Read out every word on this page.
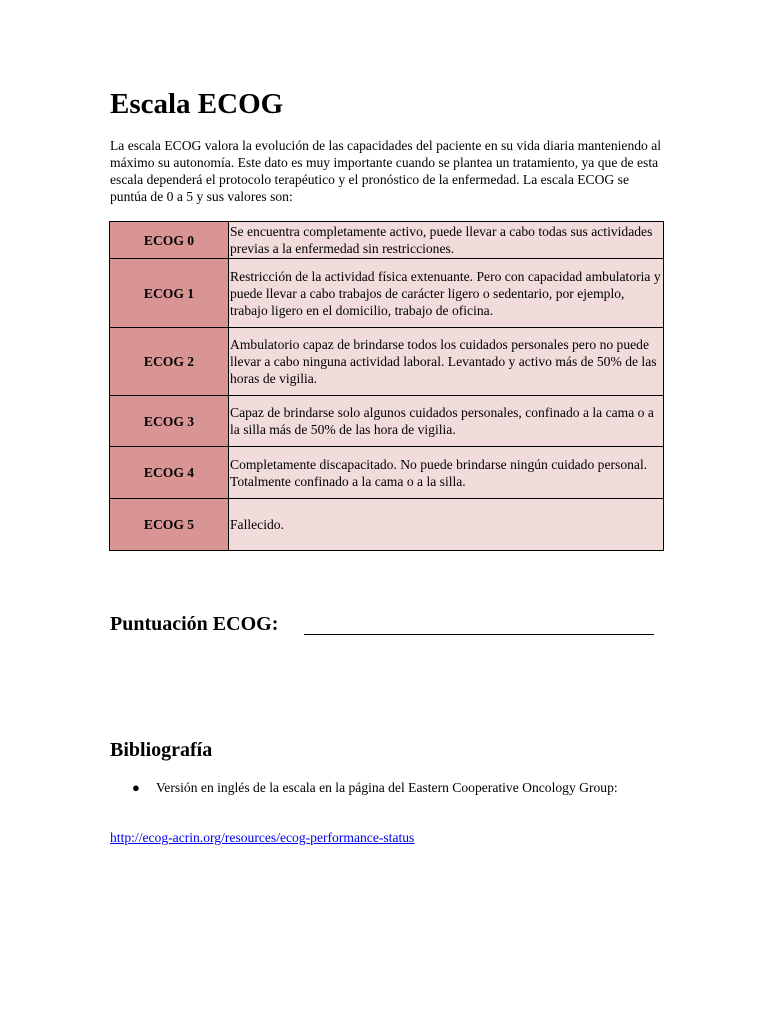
Escala ECOG

La escala ECOG valora la evolución de las capacidades del paciente en su vida diaria manteniendo al máximo su autonomía. Este dato es muy importante cuando se plantea un tratamiento, ya que de esta escala dependerá el protocolo terapéutico y el pronóstico de la enfermedad. La escala ECOG se puntúa de 0 a 5 y sus valores son:

ECOG 0	Se encuentra completamente activo, puede llevar a cabo todas sus actividades previas a la enfermedad sin restricciones.
ECOG 1	Restricción de la actividad física extenuante. Pero con capacidad ambulatoria y puede llevar a cabo trabajos de carácter ligero o sedentario, por ejemplo, trabajo ligero en el domicilio, trabajo de oficina.
ECOG 2	Ambulatorio capaz de brindarse todos los cuidados personales pero no puede llevar a cabo ninguna actividad laboral. Levantado y activo más de 50% de las horas de vigilia.
ECOG 3	Capaz de brindarse solo algunos cuidados personales, confinado a la cama o a la silla más de 50% de las hora de vigilia.
ECOG 4	Completamente discapacitado. No puede brindarse ningún cuidado personal. Totalmente confinado a la cama o a la silla.
ECOG 5	Fallecido.
Puntuación ECOG:
Bibliografía
● Versión en inglés de la escala en la página del Eastern Cooperative Oncology Group:
http://ecog-acrin.org/resources/ecog-performance-status
